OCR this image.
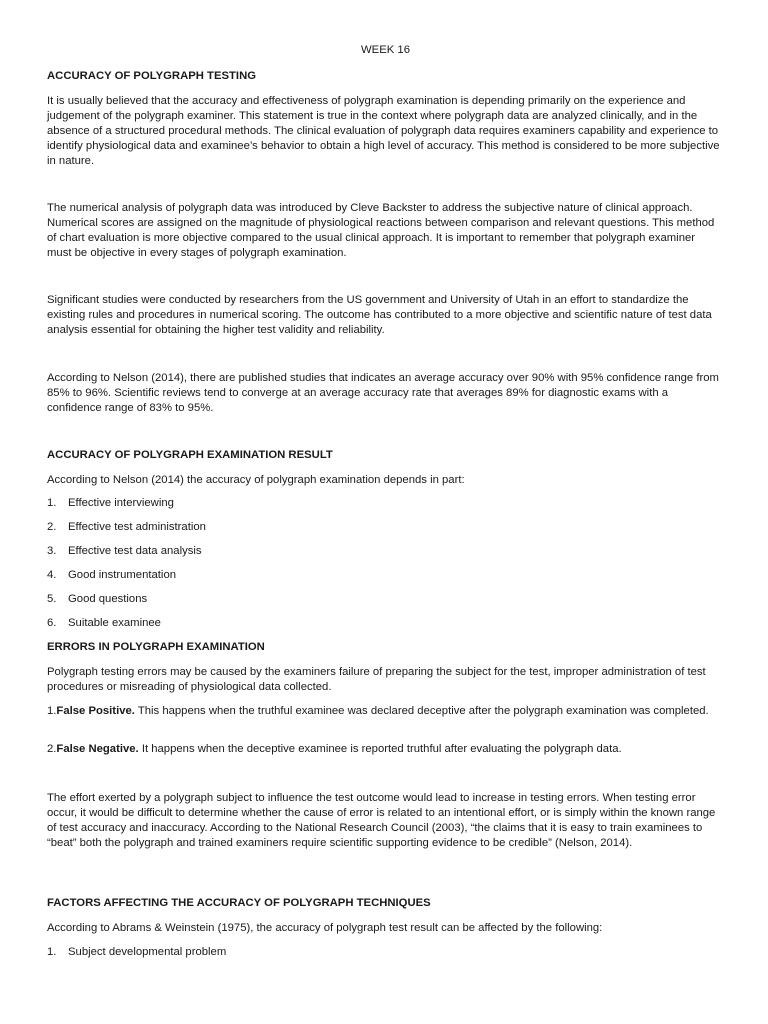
WEEK 16

ACCURACY OF POLYGRAPH TESTING

It is usually believed that the accuracy and effectiveness of polygraph examination is depending primarily on the experience and judgement of the polygraph examiner. This statement is true in the context where polygraph data are analyzed clinically, and in the absence of a structured procedural methods. The clinical evaluation of polygraph data requires examiners capability and experience to identify physiological data and examinee’s behavior to obtain a high level of accuracy. This method is considered to be more subjective in nature.

The numerical analysis of polygraph data was introduced by Cleve Backster to address the subjective nature of clinical approach. Numerical scores are assigned on the magnitude of physiological reactions between comparison and relevant questions. This method of chart evaluation is more objective compared to the usual clinical approach. It is important to remember that polygraph examiner must be objective in every stages of polygraph examination.

Significant studies were conducted by researchers from the US government and University of Utah in an effort to standardize the existing rules and procedures in numerical scoring. The outcome has contributed to a more objective and scientific nature of test data analysis essential for obtaining the higher test validity and reliability.

According to Nelson (2014), there are published studies that indicates an average accuracy over 90% with 95% confidence range from 85% to 96%. Scientific reviews tend to converge at an average accuracy rate that averages 89% for diagnostic exams with a confidence range of 83% to 95%.

ACCURACY OF POLYGRAPH EXAMINATION RESULT

According to Nelson (2014) the accuracy of polygraph examination depends in part:

1. Effective interviewing
2. Effective test administration
3. Effective test data analysis
4. Good instrumentation
5. Good questions
6. Suitable examinee

ERRORS IN POLYGRAPH EXAMINATION

Polygraph testing errors may be caused by the examiners failure of preparing the subject for the test, improper administration of test procedures or misreading of physiological data collected.

1.False Positive. This happens when the truthful examinee was declared deceptive after the polygraph examination was completed.

2.False Negative. It happens when the deceptive examinee is reported truthful after evaluating the polygraph data.

The effort exerted by a polygraph subject to influence the test outcome would lead to increase in testing errors. When testing error occur, it would be difficult to determine whether the cause of error is related to an intentional effort, or is simply within the known range of test accuracy and inaccuracy. According to the National Research Council (2003), “the claims that it is easy to train examinees to “beat” both the polygraph and trained examiners require scientific supporting evidence to be credible” (Nelson, 2014).

FACTORS AFFECTING THE ACCURACY OF POLYGRAPH TECHNIQUES

According to Abrams & Weinstein (1975), the accuracy of polygraph test result can be affected by the following:

1. Subject developmental problem
